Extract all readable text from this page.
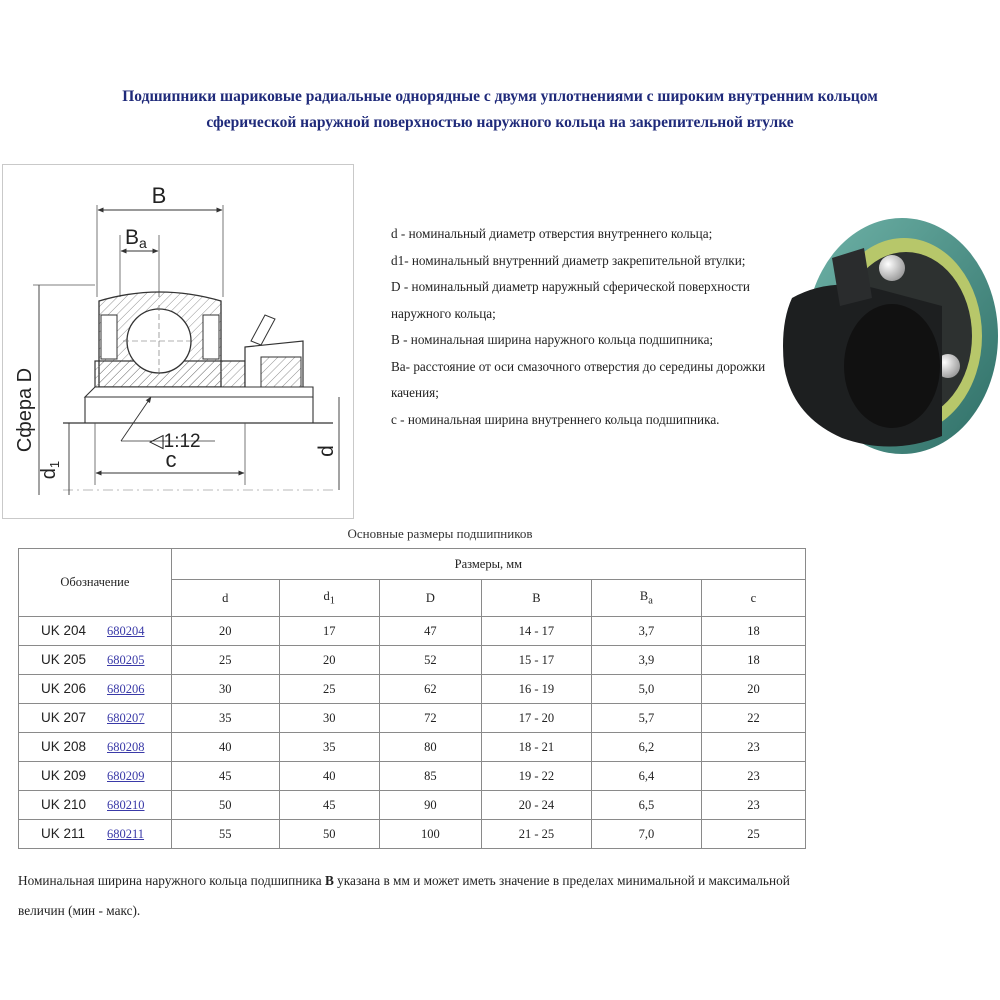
Подшипники шариковые радиальные однорядные с двумя уплотнениями с широким внутренним кольцом
сферической наружной поверхностью наружного кольца на закрепительной втулке
B
Ba
Сфера D	◁1:12
c	d
$d_1$
d - номинальный диаметр отверстия внутреннего кольца;
d1- номинальный внутренний диаметр закрепительной втулки;
D - номинальный диаметр наружный сферической поверхности наружного кольца;
В - номинальная ширина наружного кольца подшипника;
Ва- расстояние от оси смазочного отверстия до середины дорожки качения;
c - номинальная ширина внутреннего кольца подшипника.
Основные размеры подшипников
Обозначение	Размеры, мм					
	d	$d_1$	D	B	$B_a$	c
UK 204 680204	20	17	47	14 - 17	3,7	18
UK 205 680205	25	20	52	15 - 17	3,9	18
UK 206 680206	30	25	62	16 - 19	5,0	20
UK 207 680207	35	30	72	17 - 20	5,7	22
UK 208 680208	40	35	80	18 - 21	6,2	23
UK 209 680209	45	40	85	19 - 22	6,4	23
UK 210 680210	50	45	90	20 - 24	6,5	23
UK 211 680211	55	50	100	21 - 25	7,0	25
Номинальная ширина наружного кольца подшипника В указана в мм и может иметь значение в пределах минимальной и максимальной величин (мин - макс).
